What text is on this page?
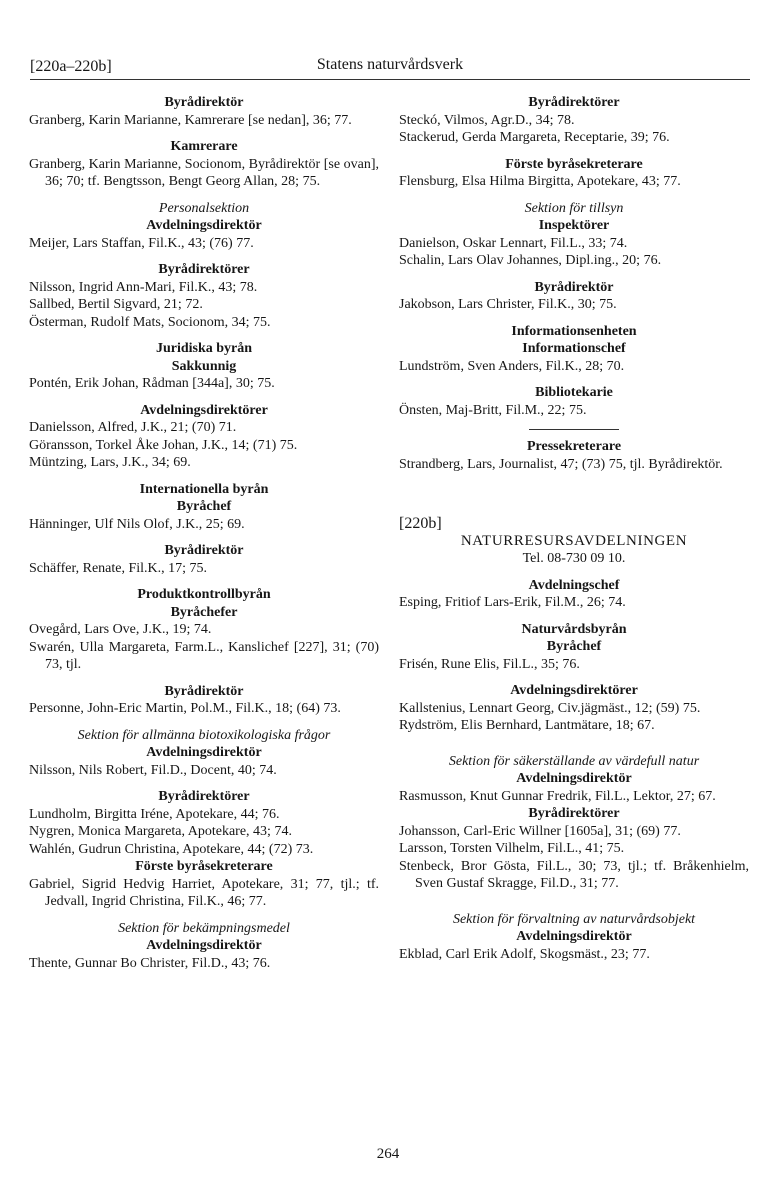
[220a–220b]	Statens naturvårdsverk

Byrådirektör

Granberg, Karin Marianne, Kamrerare [se nedan], 36; 77.

Kamrerare

Granberg, Karin Marianne, Socionom, Byrådirektör [se ovan], 36; 70; tf. Bengtsson, Bengt Georg Allan, 28; 75.

Personalsektion

Avdelningsdirektör

Meijer, Lars Staffan, Fil.K., 43; (76) 77.

Byrådirektörer

Nilsson, Ingrid Ann-Mari, Fil.K., 43; 78.

Sallbed, Bertil Sigvard, 21; 72.

Österman, Rudolf Mats, Socionom, 34; 75.

Juridiska byrån

Sakkunnig

Pontén, Erik Johan, Rådman [344a], 30; 75.

Avdelningsdirektörer

Danielsson, Alfred, J.K., 21; (70) 71.

Göransson, Torkel Åke Johan, J.K., 14; (71) 75.

Müntzing, Lars, J.K., 34; 69.

Internationella byrån

Byråchef

Hänninger, Ulf Nils Olof, J.K., 25; 69.

Byrådirektör

Schäffer, Renate, Fil.K., 17; 75.

Produktkontrollbyrån

Byråchefer

Ovegård, Lars Ove, J.K., 19; 74.

Swarén, Ulla Margareta, Farm.L., Kanslichef [227], 31; (70) 73, tjl.

Byrådirektör

Personne, John-Eric Martin, Pol.M., Fil.K., 18; (64) 73.

Sektion för allmänna biotoxikologiska frågor

Avdelningsdirektör

Nilsson, Nils Robert, Fil.D., Docent, 40; 74.

Byrådirektörer

Lundholm, Birgitta Iréne, Apotekare, 44; 76.

Nygren, Monica Margareta, Apotekare, 43; 74.

Wahlén, Gudrun Christina, Apotekare, 44; (72) 73.

Förste byråsekreterare

Gabriel, Sigrid Hedvig Harriet, Apotekare, 31; 77, tjl.; tf. Jedvall, Ingrid Christina, Fil.K., 46; 77.

Sektion för bekämpningsmedel

Avdelningsdirektör

Thente, Gunnar Bo Christer, Fil.D., 43; 76.

Byrådirektörer

Steckó, Vilmos, Agr.D., 34; 78.

Stackerud, Gerda Margareta, Receptarie, 39; 76.

Förste byråsekreterare

Flensburg, Elsa Hilma Birgitta, Apotekare, 43; 77.

Sektion för tillsyn

Inspektörer

Danielson, Oskar Lennart, Fil.L., 33; 74.

Schalin, Lars Olav Johannes, Dipl.ing., 20; 76.

Byrådirektör

Jakobson, Lars Christer, Fil.K., 30; 75.

Informationsenheten

Informationschef

Lundström, Sven Anders, Fil.K., 28; 70.

Bibliotekarie

Önsten, Maj-Britt, Fil.M., 22; 75.

Pressekreterare

Strandberg, Lars, Journalist, 47; (73) 75, tjl. Byrådirektör.

[220b]

NATURRESURSAVDELNINGEN

Tel. 08-730 09 10.

Avdelningschef

Esping, Fritiof Lars-Erik, Fil.M., 26; 74.

Naturvårdsbyrån

Byråchef

Frisén, Rune Elis, Fil.L., 35; 76.

Avdelningsdirektörer

Kallstenius, Lennart Georg, Civ.jägmäst., 12; (59) 75.

Rydström, Elis Bernhard, Lantmätare, 18; 67.

Sektion för säkerställande av värdefull natur

Avdelningsdirektör

Rasmusson, Knut Gunnar Fredrik, Fil.L., Lektor, 27; 67.

Byrådirektörer

Johansson, Carl-Eric Willner [1605a], 31; (69) 77.

Larsson, Torsten Vilhelm, Fil.L., 41; 75.

Stenbeck, Bror Gösta, Fil.L., 30; 73, tjl.; tf. Bråkenhielm, Sven Gustaf Skragge, Fil.D., 31; 77.

Sektion för förvaltning av naturvårdsobjekt

Avdelningsdirektör

Ekblad, Carl Erik Adolf, Skogsmäst., 23; 77.

264
